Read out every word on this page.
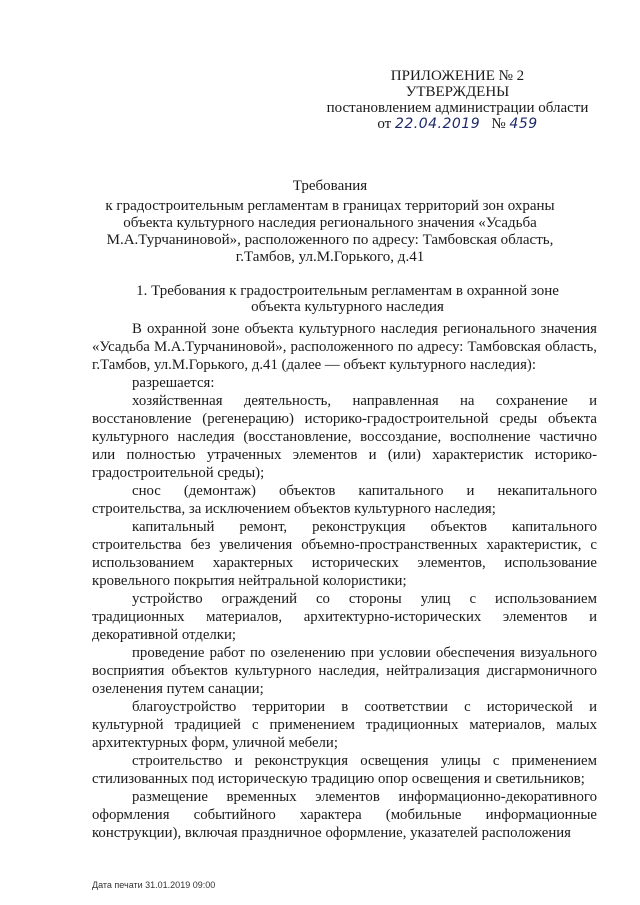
ПРИЛОЖЕНИЕ № 2
УТВЕРЖДЕНЫ
постановлением администрации области
от 22.04.2019 № 459
Требования
к градостроительным регламентам в границах территорий зон охраны
объекта культурного наследия регионального значения «Усадьба
М.А.Турчаниновой», расположенного по адресу: Тамбовская область,
г.Тамбов, ул.М.Горького, д.41
1. Требования к градостроительным регламентам в охранной зоне
объекта культурного наследия

В охранной зоне объекта культурного наследия регионального значения «Усадьба М.А.Турчаниновой», расположенного по адресу: Тамбовская область, г.Тамбов, ул.М.Горького, д.41 (далее — объект культурного наследия):

разрешается:

хозяйственная деятельность, направленная на сохранение и восстановление (регенерацию) историко-градостроительной среды объекта культурного наследия (восстановление, воссоздание, восполнение частично или полностью утраченных элементов и (или) характеристик историко-градостроительной среды);

снос (демонтаж) объектов капитального и некапитального строительства, за исключением объектов культурного наследия;

капитальный ремонт, реконструкция объектов капитального строительства без увеличения объемно-пространственных характеристик, с использованием характерных исторических элементов, использование кровельного покрытия нейтральной колористики;

устройство ограждений со стороны улиц с использованием традиционных материалов, архитектурно-исторических элементов и декоративной отделки;

проведение работ по озеленению при условии обеспечения визуального восприятия объектов культурного наследия, нейтрализация дисгармоничного озеленения путем санации;

благоустройство территории в соответствии с исторической и культурной традицией с применением традиционных материалов, малых архитектурных форм, уличной мебели;

строительство и реконструкция освещения улицы с применением стилизованных под историческую традицию опор освещения и светильников;

размещение временных элементов информационно-декоративного оформления событийного характера (мобильные информационные конструкции), включая праздничное оформление, указателей расположения

Дата печати 31.01.2019 09:00
